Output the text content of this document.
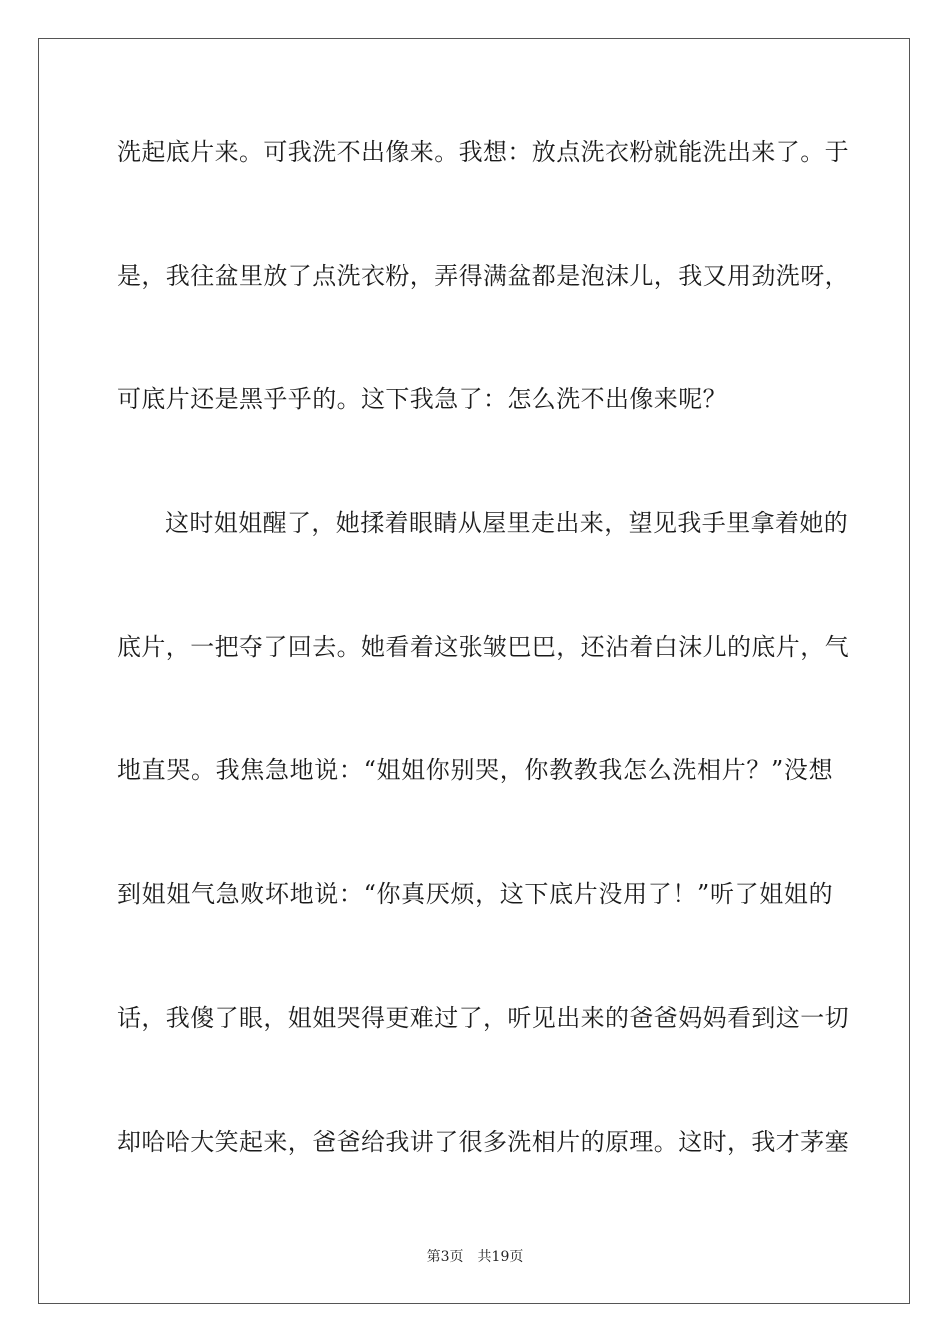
洗起底片来。可我洗不出像来。我想：放点洗衣粉就能洗出来了。于
是，我往盆里放了点洗衣粉，弄得满盆都是泡沫儿，我又用劲洗呀，
可底片还是黑乎乎的。这下我急了：怎么洗不出像来呢？
这时姐姐醒了，她揉着眼睛从屋里走出来，望见我手里拿着她的
底片，一把夺了回去。她看着这张皱巴巴，还沾着白沫儿的底片，气
地直哭。我焦急地说：“姐姐你别哭，你教教我怎么洗相片？”没想
到姐姐气急败坏地说：“你真厌烦，这下底片没用了！”听了姐姐的
话，我傻了眼，姐姐哭得更难过了，听见出来的爸爸妈妈看到这一切
却哈哈大笑起来，爸爸给我讲了很多洗相片的原理。这时，我才茅塞
第3页 共19页
